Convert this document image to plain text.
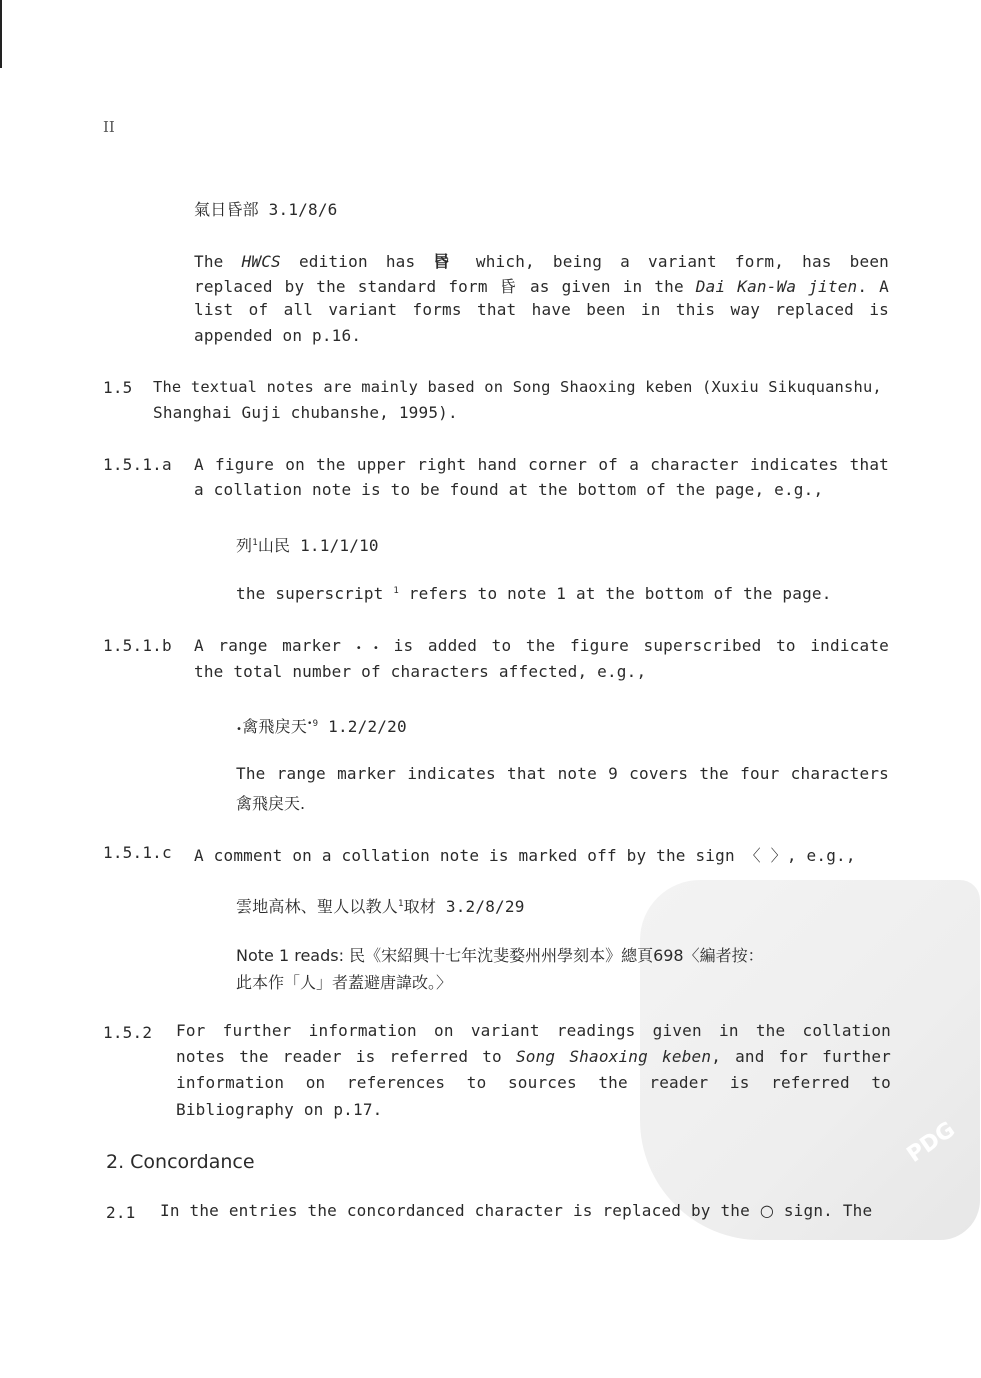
PDG
II
氣日昏部 3.1/8/6
The HWCS edition has 昬 which, being a variant form, has been
replaced by the standard form 昏 as given in the Dai Kan-Wa jiten. A
list of all variant forms that have been in this way replaced is
appended on p.16.
1.5 The textual notes are mainly based on Song Shaoxing keben (Xuxiu Sikuquanshu,
Shanghai Guji chubanshe, 1995).
1.5.1.a A figure on the upper right hand corner of a character indicates that
a collation note is to be found at the bottom of the page, e.g.,
列$^1$山民 1.1/1/10
the superscript $^1$ refers to note 1 at the bottom of the page.
1.5.1.b A range marker • • is added to the figure superscribed to indicate
the total number of characters affected, e.g.,
•禽飛戾天$^{•9}$ 1.2/2/20
The range marker indicates that note 9 covers the four characters
禽飛戾天.
1.5.1.c A comment on a collation note is marked off by the sign 〈 〉, e.g.,
雲地高林、聖人以教人$^1$取材 3.2/8/29
Note 1 reads: 民《宋紹興十七年沈斐婺州州學刻本》總頁698〈編者按：
此本作「人」者蓋避唐諱改。〉
1.5.2 For further information on variant readings given in the collation
notes the reader is referred to Song Shaoxing keben, and for further
information on references to sources the reader is referred to
Bibliography on p.17.
2. Concordance
2.1 In the entries the concordanced character is replaced by the ○ sign. The
